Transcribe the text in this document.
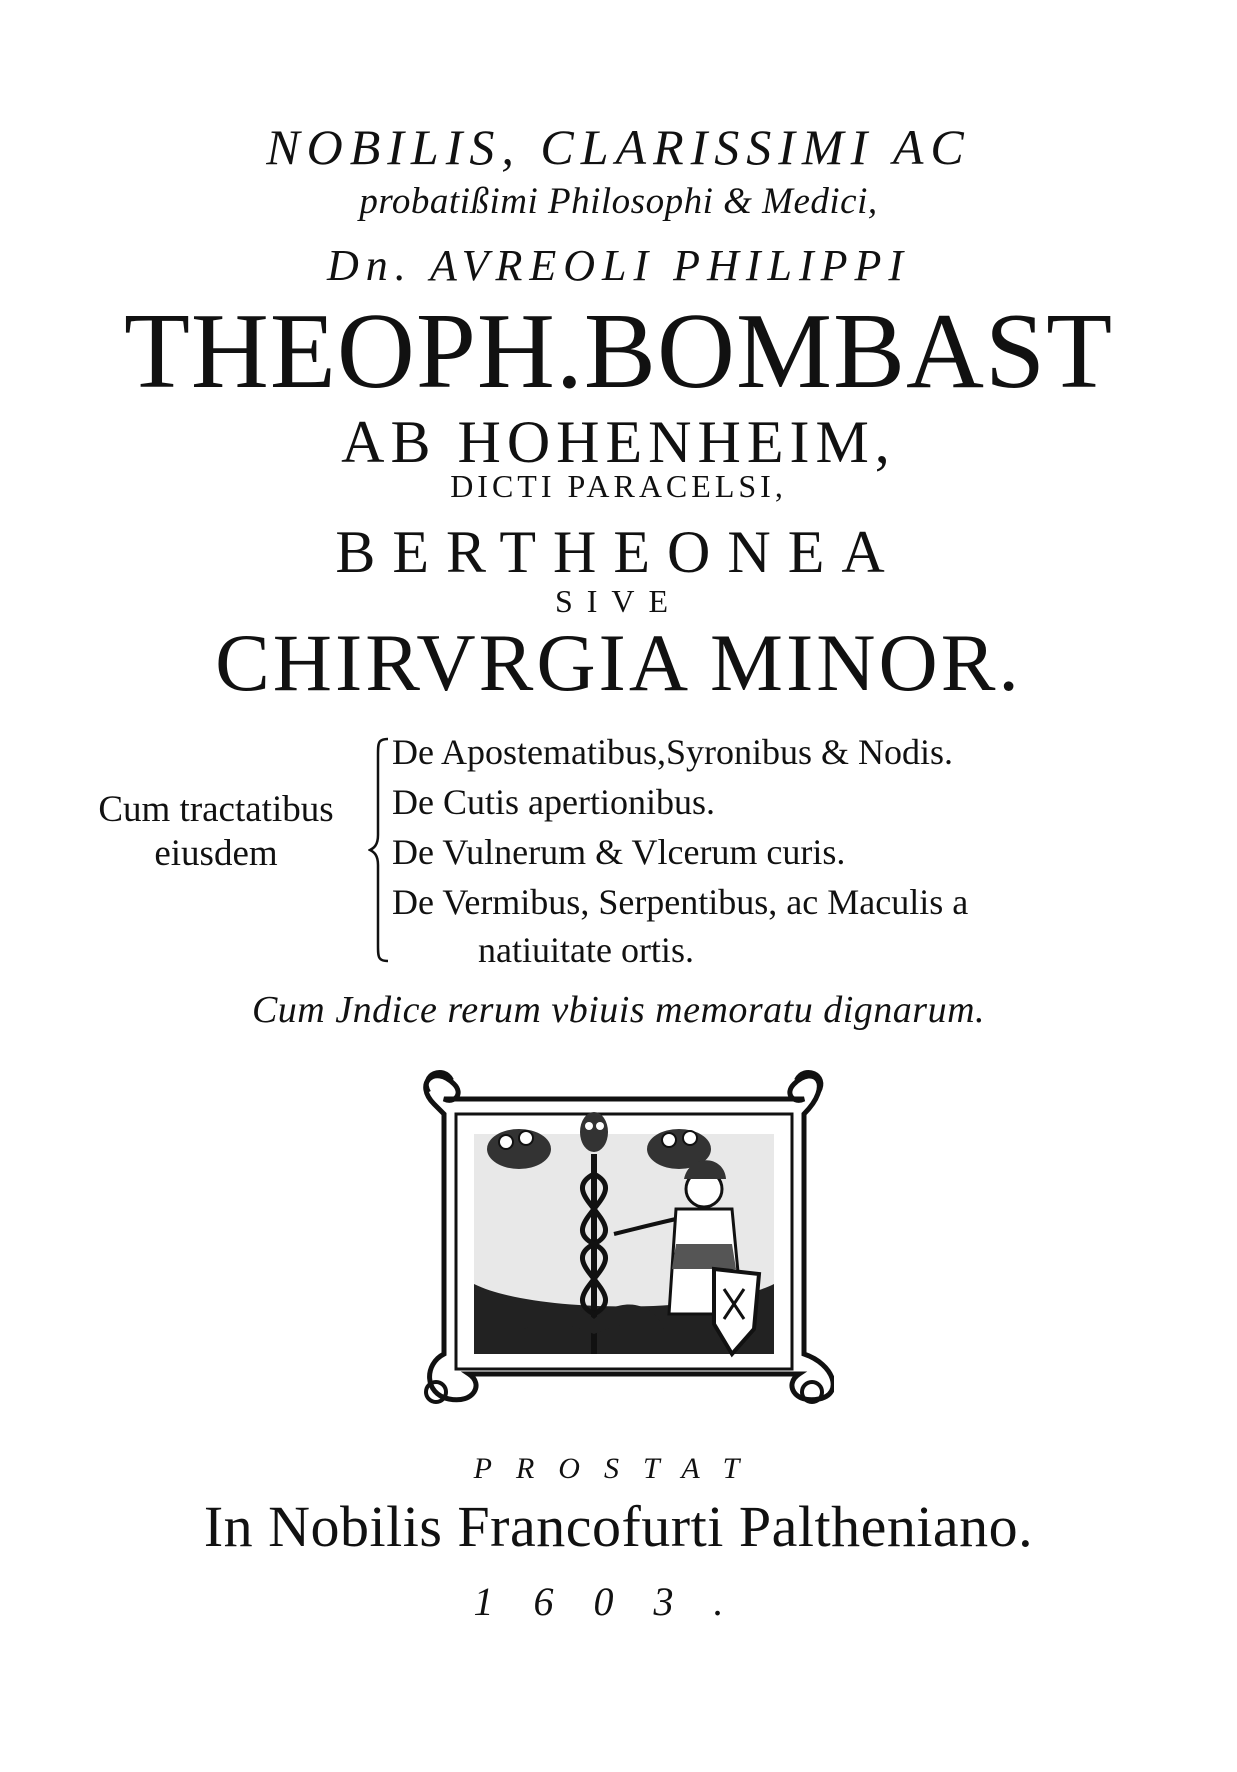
NOBILIS, CLARISSIMI AC

probatißimi Philosophi & Medici,

Dn. AVREOLI PHILIPPI

THEOPH.BOMBAST

AB HOHENHEIM,

DICTI PARACELSI,

BERTHEONEA

SIVE

CHIRVRGIA MINOR.

Cum tractatibus
eiusdem

De Apostematibus,Syronibus & Nodis.

De Cutis apertionibus.

De Vulnerum & Vlcerum curis.

De Vermibus, Serpentibus, ac Maculis a

natiuitate ortis.

Cum Jndice rerum vbiuis memoratu dignarum.

PROSTAT

In Nobilis Francofurti Paltheniano.

1603.
